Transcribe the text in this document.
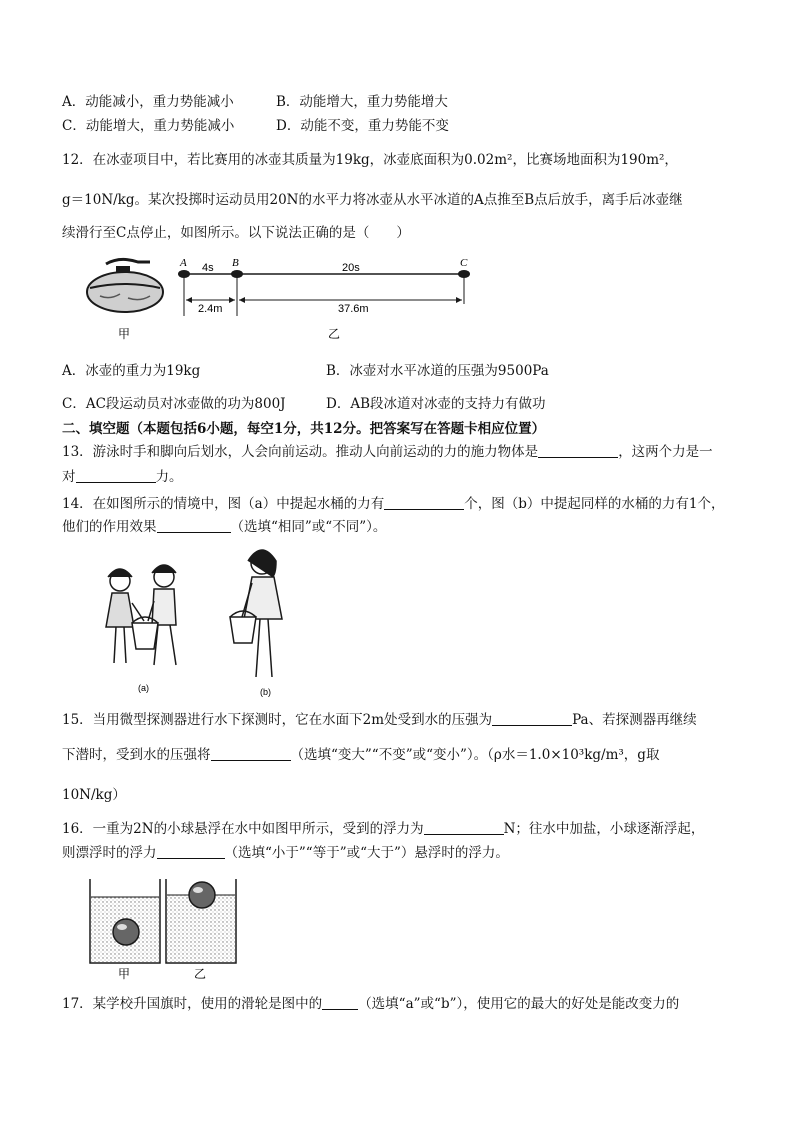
A．动能减小，重力势能减小	B．动能增大，重力势能增大
C．动能增大，重力势能减小	D．动能不变，重力势能不变
12．在冰壶项目中，若比赛用的冰壶其质量为19kg，冰壶底面积为0.02m²，比赛场地面积为190m²，
g＝10N/kg。某次投掷时运动员用20N的水平力将冰壶从水平冰道的A点推至B点后放手，离手后冰壶继
续滑行至C点停止，如图所示。以下说法正确的是（　　）
A	B	C
4s	20s
2.4m	37.6m
甲	乙
A．冰壶的重力为19kg	B．冰壶对水平冰道的压强为9500Pa
C．AC段运动员对冰壶做的功为800J	D．AB段冰道对冰壶的支持力有做功
二、填空题（本题包括6小题，每空1分，共12分。把答案写在答题卡相应位置）
13．游泳时手和脚向后划水，人会向前运动。推动人向前运动的力的施力物体是	，这两个力是一
对	力。
14．在如图所示的情境中，图（a）中提起水桶的力有	个，图（b）中提起同样的水桶的力有1个，
他们的作用效果	（选填“相同”或“不同”）。
(a)	(b)
15．当用微型探测器进行水下探测时，它在水面下2m处受到水的压强为	Pa、若探测器再继续
下潜时，受到水的压强将	（选填“变大”“不变”或“变小”）。（ρ水＝1.0×10³kg/m³，g取
10N/kg）
16．一重为2N的小球悬浮在水中如图甲所示，受到的浮力为	N；往水中加盐，小球逐渐浮起，
则漂浮时的浮力	（选填“小于”“等于”或“大于”）悬浮时的浮力。
甲	乙
17．某学校升国旗时，使用的滑轮是图中的	（选填“a”或“b”），使用它的最大的好处是能改变力的
